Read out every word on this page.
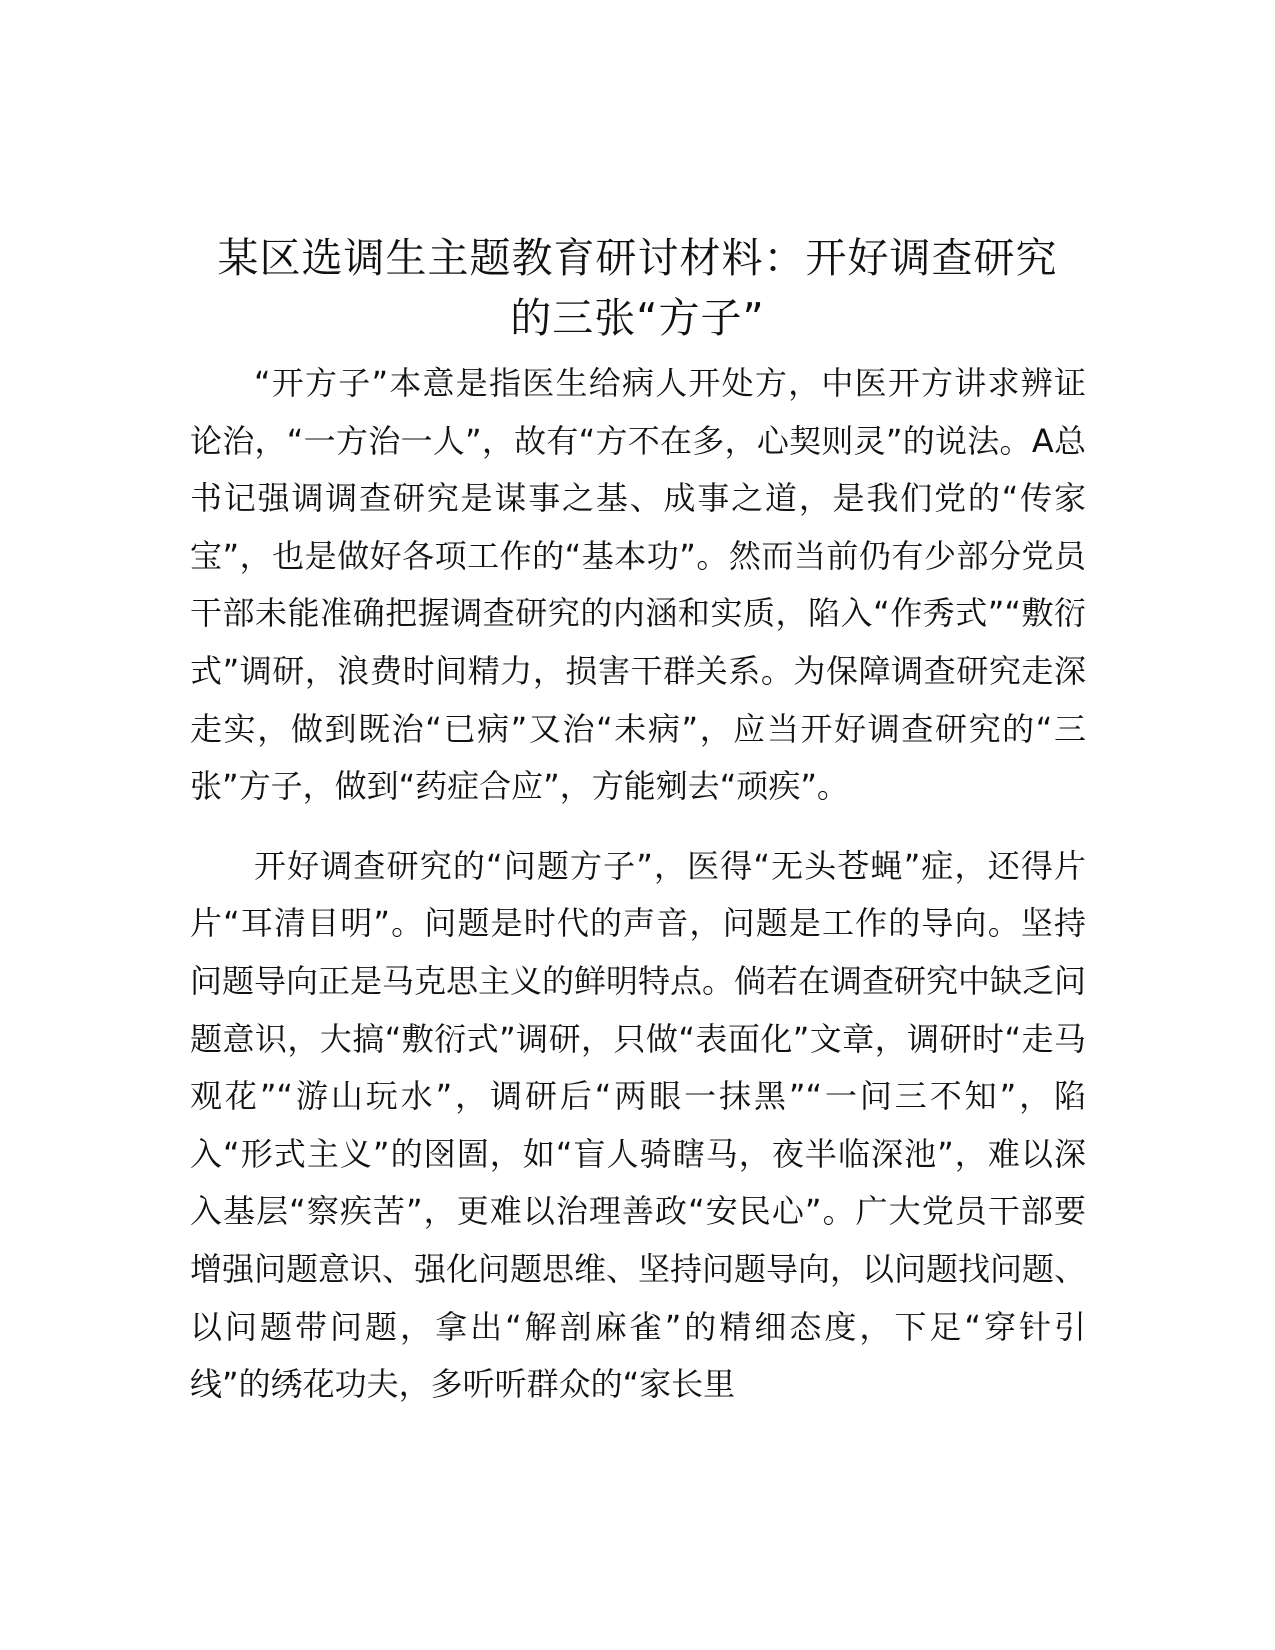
某区选调生主题教育研讨材料：开好调查研究
的三张“方子”

“开方子”本意是指医生给病人开处方，中医开方讲求辨证论治，“一方治一人”，故有“方不在多，心契则灵”的说法。A总书记强调调查研究是谋事之基、成事之道，是我们党的“传家宝”，也是做好各项工作的“基本功”。然而当前仍有少部分党员干部未能准确把握调查研究的内涵和实质，陷入“作秀式”“敷衍式”调研，浪费时间精力，损害干群关系。为保障调查研究走深走实，做到既治“已病”又治“未病”，应当开好调查研究的“三张”方子，做到“药症合应”，方能剜去“顽疾”。

开好调查研究的“问题方子”，医得“无头苍蝇”症，还得片片“耳清目明”。问题是时代的声音，问题是工作的导向。坚持问题导向正是马克思主义的鲜明特点。倘若在调查研究中缺乏问题意识，大搞“敷衍式”调研，只做“表面化”文章，调研时“走马观花”“游山玩水”，调研后“两眼一抹黑”“一问三不知”，陷入“形式主义”的囹圄，如“盲人骑瞎马，夜半临深池”，难以深入基层“察疾苦”，更难以治理善政“安民心”。广大党员干部要增强问题意识、强化问题思维、坚持问题导向，以问题找问题、以问题带问题，拿出“解剖麻雀”的精细态度，下足“穿针引线”的绣花功夫，多听听群众的“家长里
